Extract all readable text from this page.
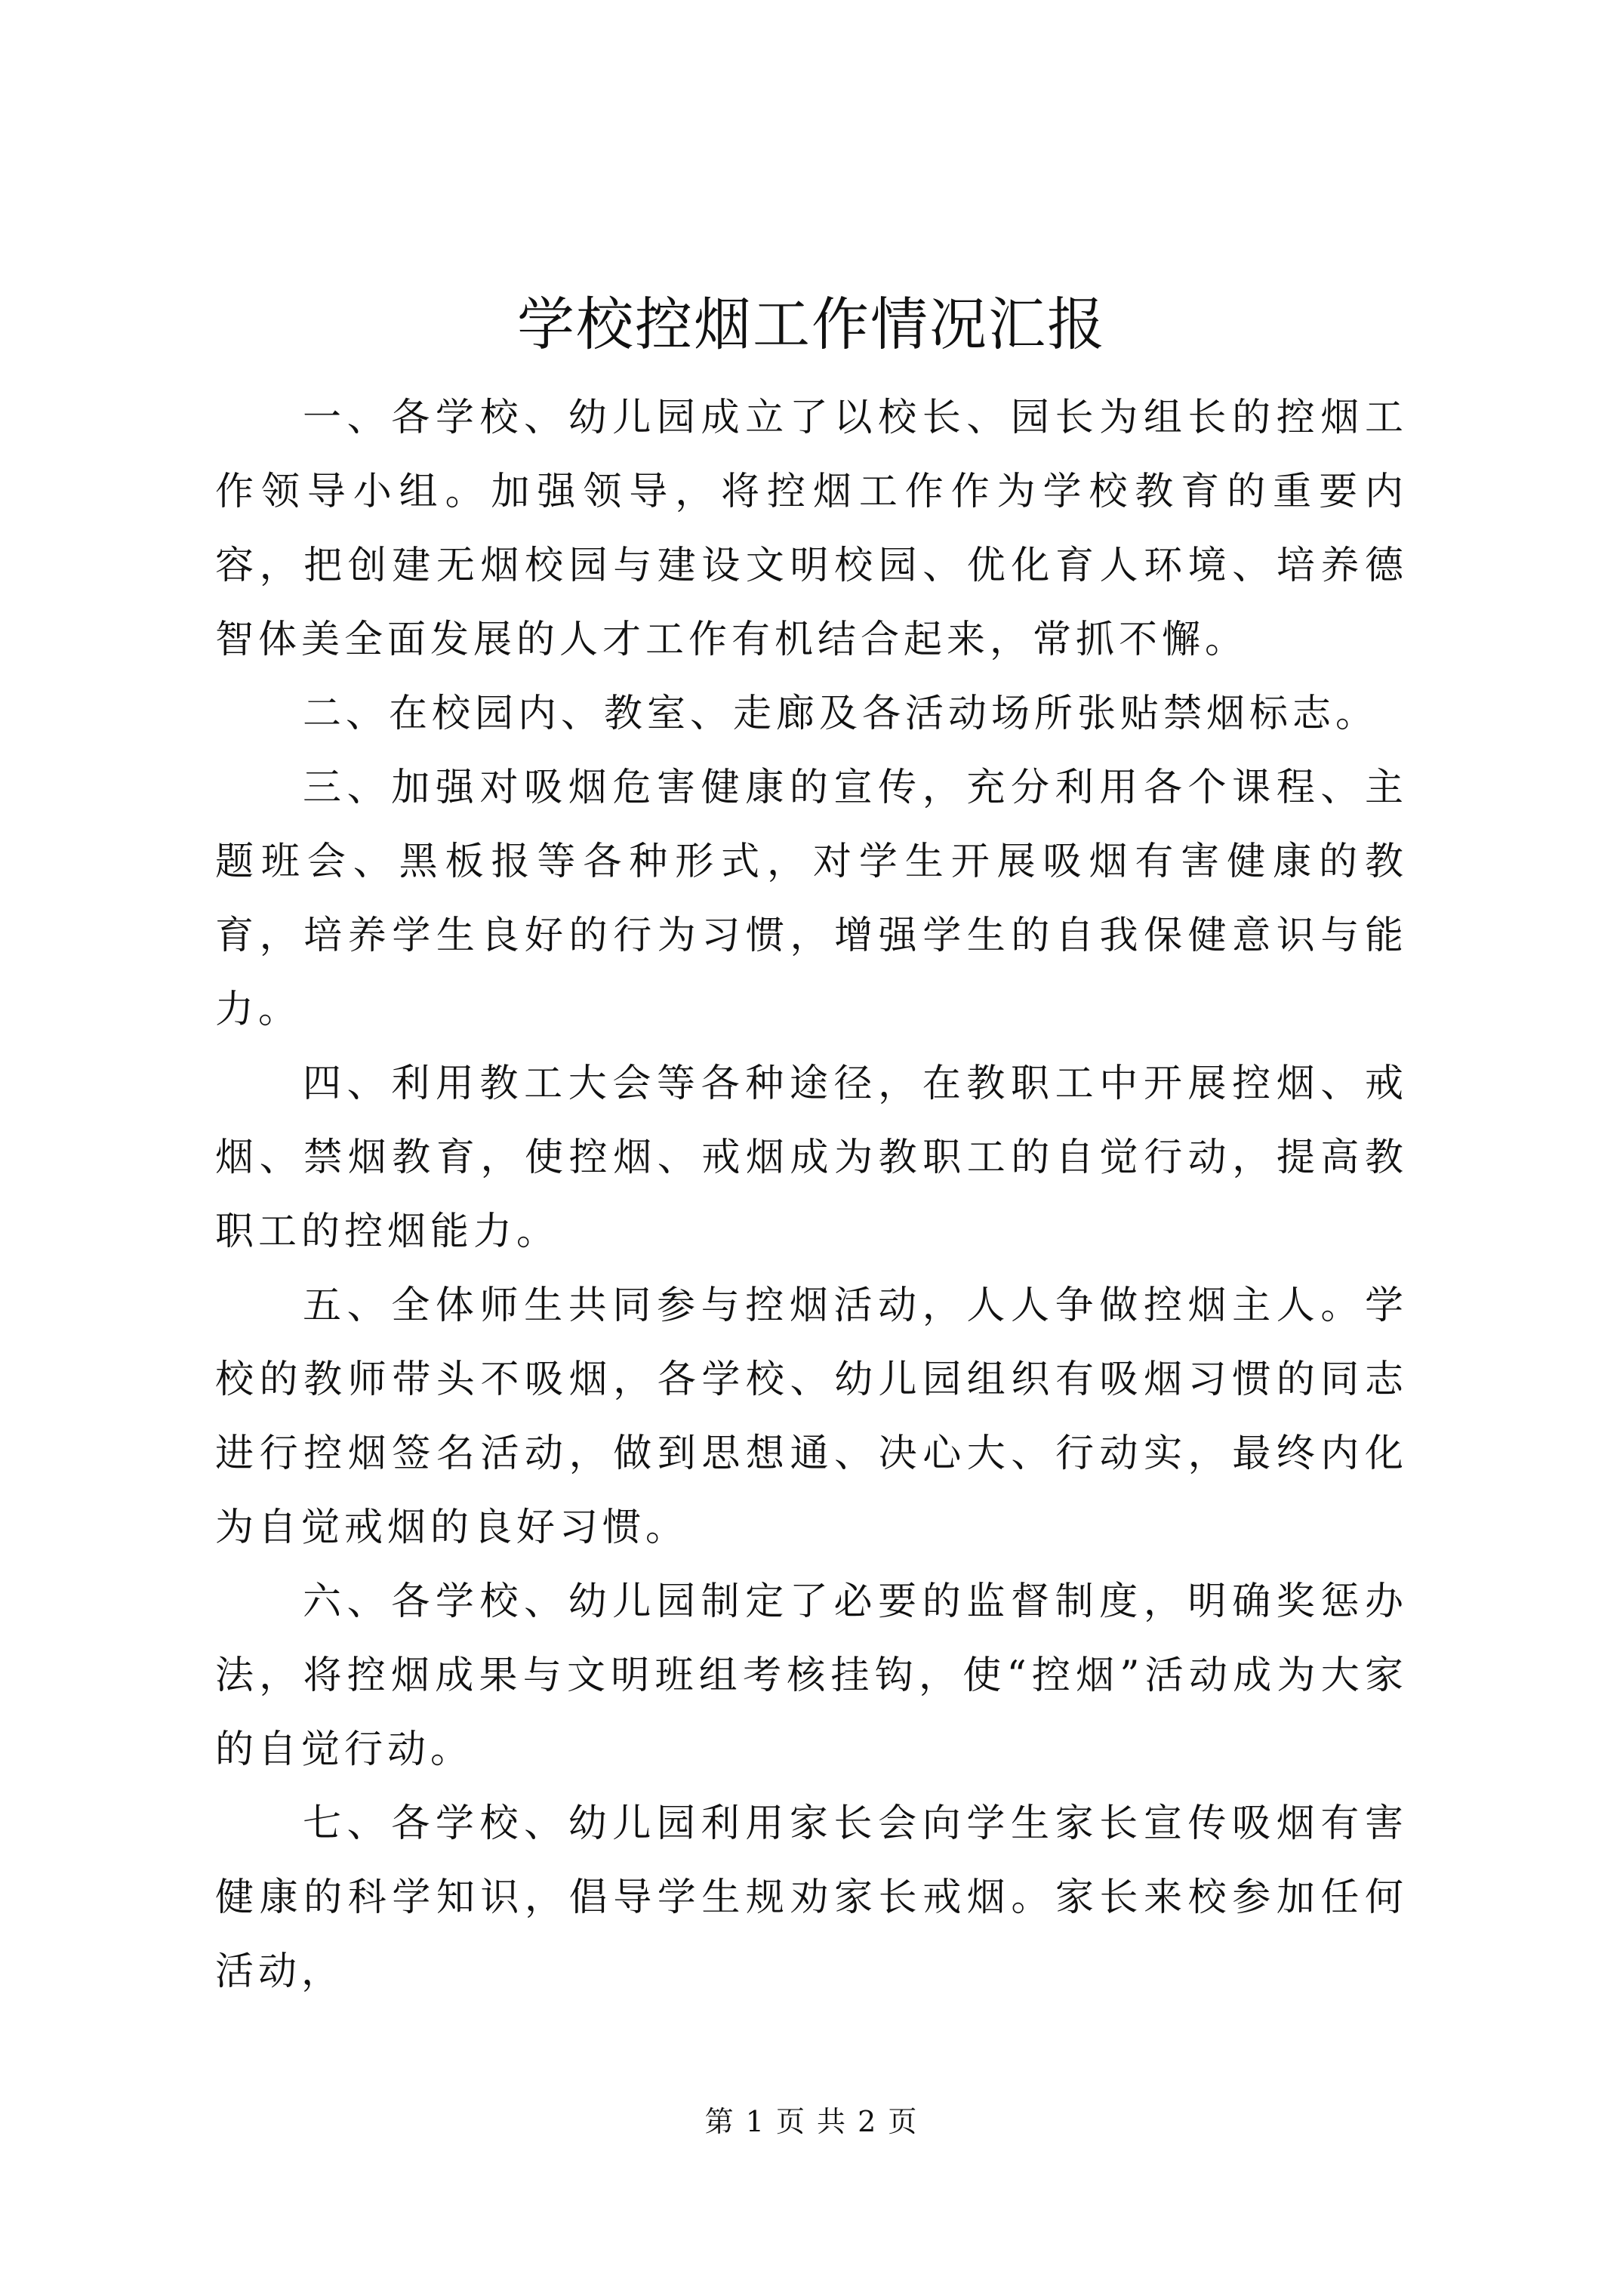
学校控烟工作情况汇报

一、各学校、幼儿园成立了以校长、园长为组长的控烟工作领导小组。加强领导，将控烟工作作为学校教育的重要内容，把创建无烟校园与建设文明校园、优化育人环境、培养德智体美全面发展的人才工作有机结合起来，常抓不懈。

二、在校园内、教室、走廊及各活动场所张贴禁烟标志。

三、加强对吸烟危害健康的宣传，充分利用各个课程、主题班会、黑板报等各种形式，对学生开展吸烟有害健康的教育，培养学生良好的行为习惯，增强学生的自我保健意识与能力。

四、利用教工大会等各种途径，在教职工中开展控烟、戒烟、禁烟教育，使控烟、戒烟成为教职工的自觉行动，提高教职工的控烟能力。

五、全体师生共同参与控烟活动，人人争做控烟主人。学校的教师带头不吸烟，各学校、幼儿园组织有吸烟习惯的同志进行控烟签名活动，做到思想通、决心大、行动实，最终内化为自觉戒烟的良好习惯。

六、各学校、幼儿园制定了必要的监督制度，明确奖惩办法，将控烟成果与文明班组考核挂钩，使“控烟”活动成为大家的自觉行动。

七、各学校、幼儿园利用家长会向学生家长宣传吸烟有害健康的科学知识，倡导学生规劝家长戒烟。家长来校参加任何活动，

第 1 页 共 2 页
